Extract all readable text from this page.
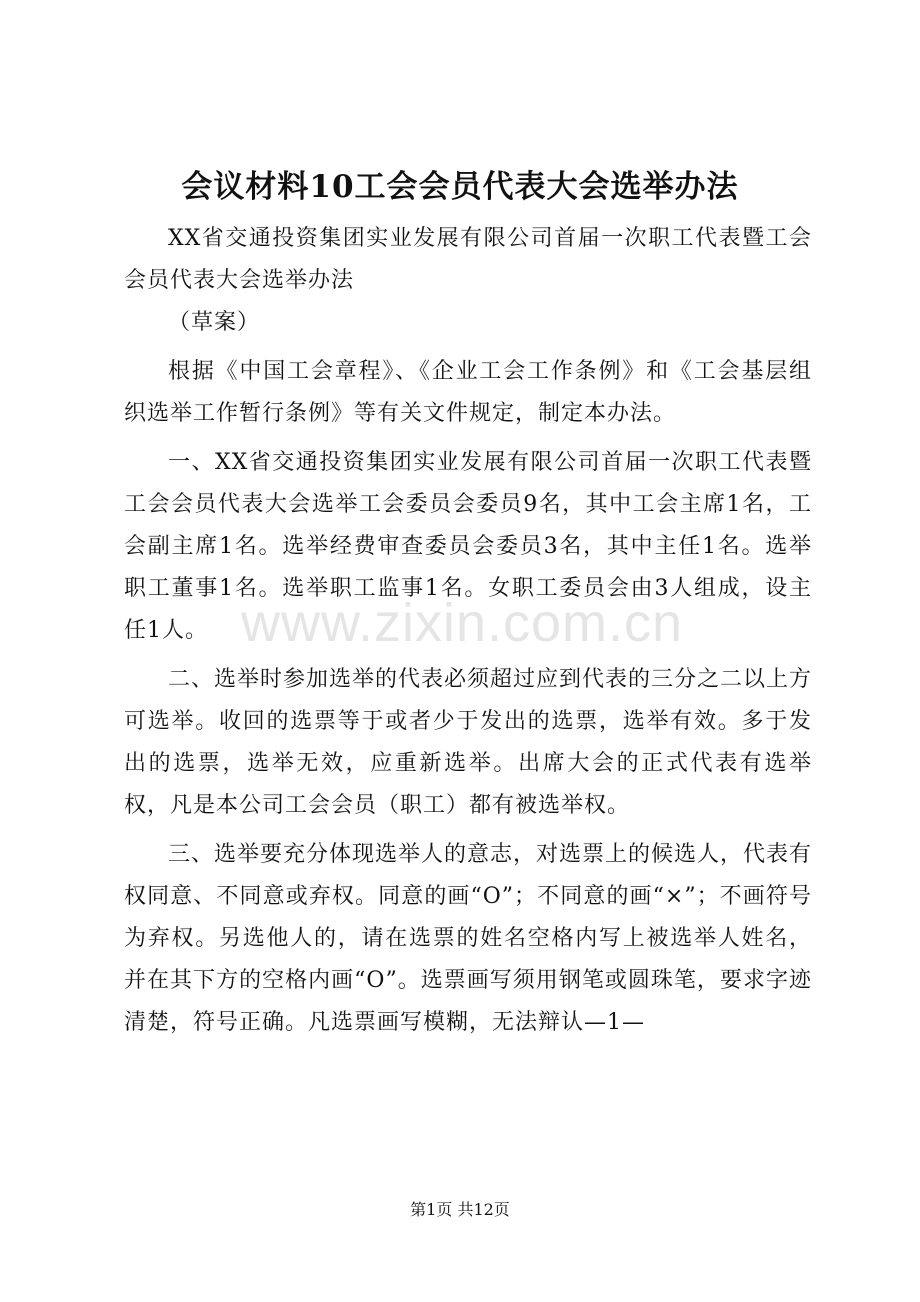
会议材料10工会会员代表大会选举办法

XX省交通投资集团实业发展有限公司首届一次职工代表暨工会会员代表大会选举办法

（草案）

根据《中国工会章程》、《企业工会工作条例》和《工会基层组织选举工作暂行条例》等有关文件规定，制定本办法。

一、XX省交通投资集团实业发展有限公司首届一次职工代表暨工会会员代表大会选举工会委员会委员9名，其中工会主席1名，工会副主席1名。选举经费审查委员会委员3名，其中主任1名。选举职工董事1名。选举职工监事1名。女职工委员会由3人组成，设主任1人。

二、选举时参加选举的代表必须超过应到代表的三分之二以上方可选举。收回的选票等于或者少于发出的选票，选举有效。多于发出的选票，选举无效，应重新选举。出席大会的正式代表有选举权，凡是本公司工会会员（职工）都有被选举权。

三、选举要充分体现选举人的意志，对选票上的候选人，代表有权同意、不同意或弃权。同意的画“O”；不同意的画“×”；不画符号为弃权。另选他人的，请在选票的姓名空格内写上被选举人姓名，并在其下方的空格内画“O”。选票画写须用钢笔或圆珠笔，要求字迹清楚，符号正确。凡选票画写模糊，无法辩认—1—

www.zixin.com.cn
第1页 共12页
